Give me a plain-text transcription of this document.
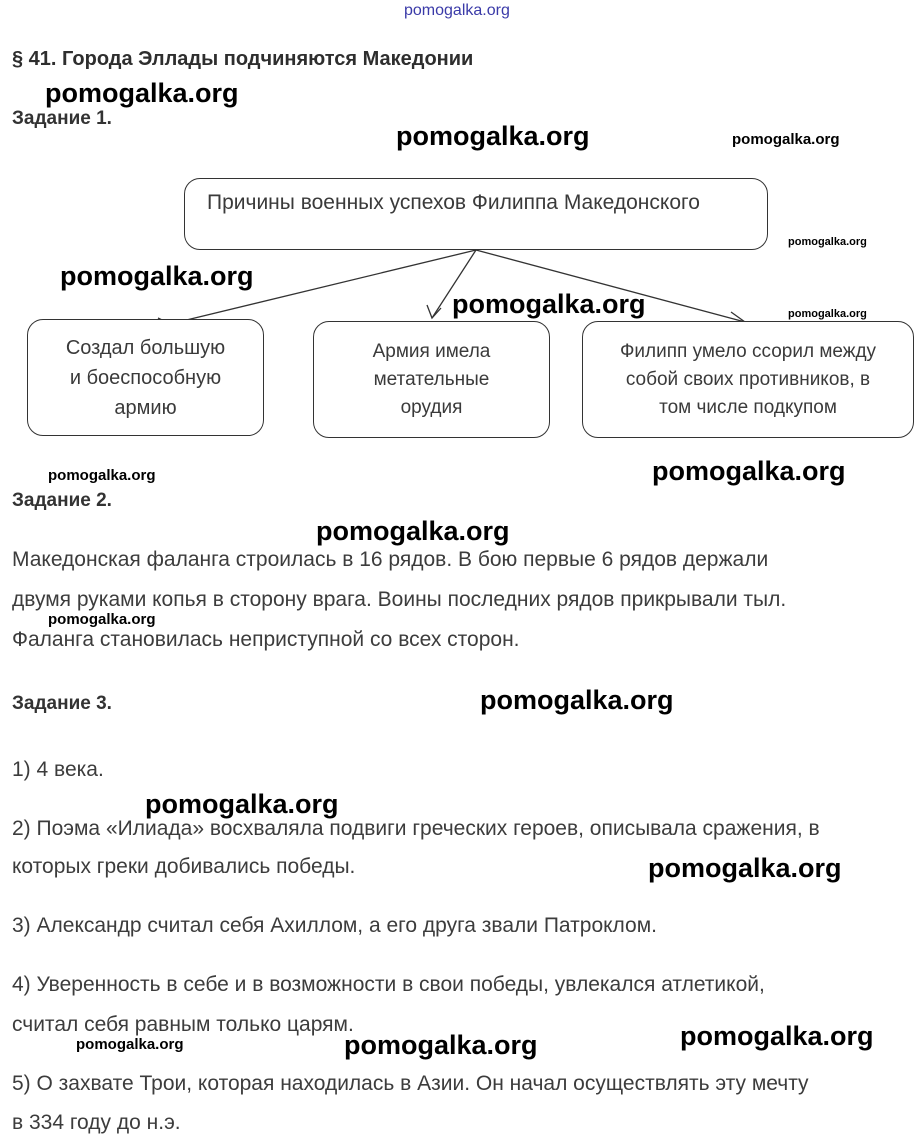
pomogalka.org
§ 41. Города Эллады подчиняются Македонии
Задание 1.
Причины военных успехов Филиппа Македонского
Создал большую
и боеспособную
армию
Армия имела
метательные
орудия
Филипп умело ссорил между
собой своих противников, в
том числе подкупом
Задание 2.
Македонская фаланга строилась в 16 рядов. В бою первые 6 рядов держали
двумя руками копья в сторону врага. Воины последних рядов прикрывали тыл.
Фаланга становилась неприступной со всех сторон.
Задание 3.
1) 4 века.
2) Поэма «Илиада» восхваляла подвиги греческих героев, описывала сражения, в
которых греки добивались победы.
3) Александр считал себя Ахиллом, а его друга звали Патроклом.
4) Уверенность в себе и в возможности в свои победы, увлекался атлетикой,
считал себя равным только царям.
5) О захвате Трои, которая находилась в Азии. Он начал осуществлять эту мечту
в 334 году до н.э.
pomogalka.org
pomogalka.org	pomogalka.org
pomogalka.org
pomogalka.org
pomogalka.org	pomogalka.org
pomogalka.org	pomogalka.org
pomogalka.org
pomogalka.org
pomogalka.org
pomogalka.org
pomogalka.org
pomogalka.org
pomogalka.org	pomogalka.org
